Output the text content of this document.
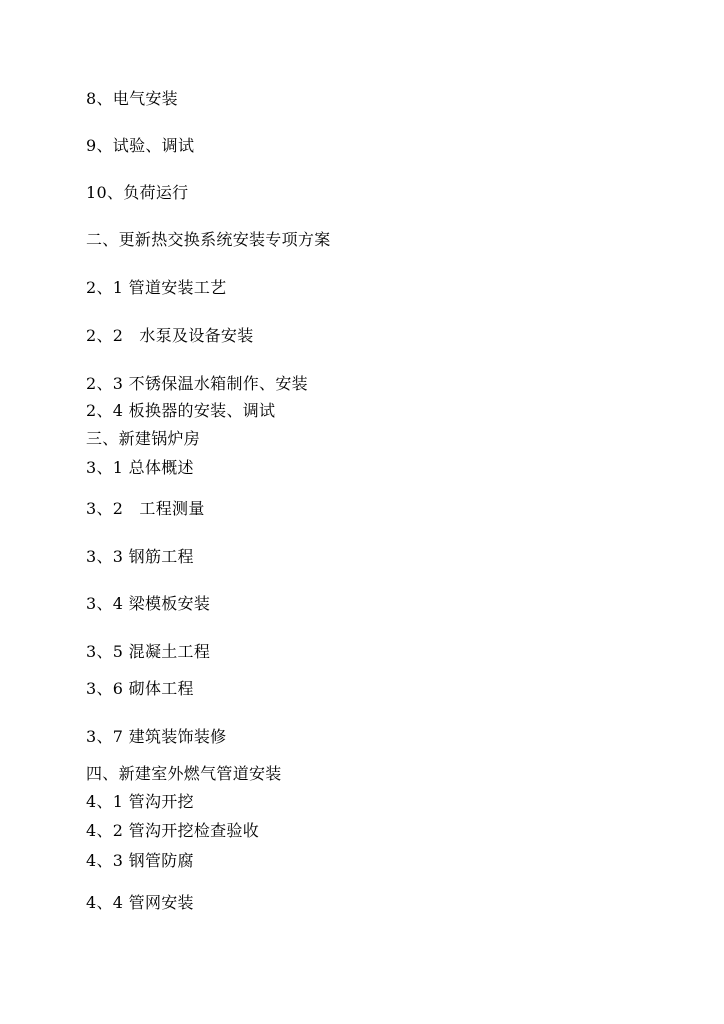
8、电气安装
9、试验、调试
10、负荷运行
二、更新热交换系统安装专项方案
2、1 管道安装工艺
2、2   水泵及设备安装
2、3 不锈保温水箱制作、安装
2、4 板换器的安装、调试
三、新建锅炉房
3、1 总体概述
3、2   工程测量
3、3 钢筋工程
3、4 梁模板安装
3、5 混凝土工程
3、6 砌体工程
3、7 建筑装饰装修
四、新建室外燃气管道安装
4、1 管沟开挖
4、2 管沟开挖检查验收
4、3 钢管防腐
4、4 管网安装
